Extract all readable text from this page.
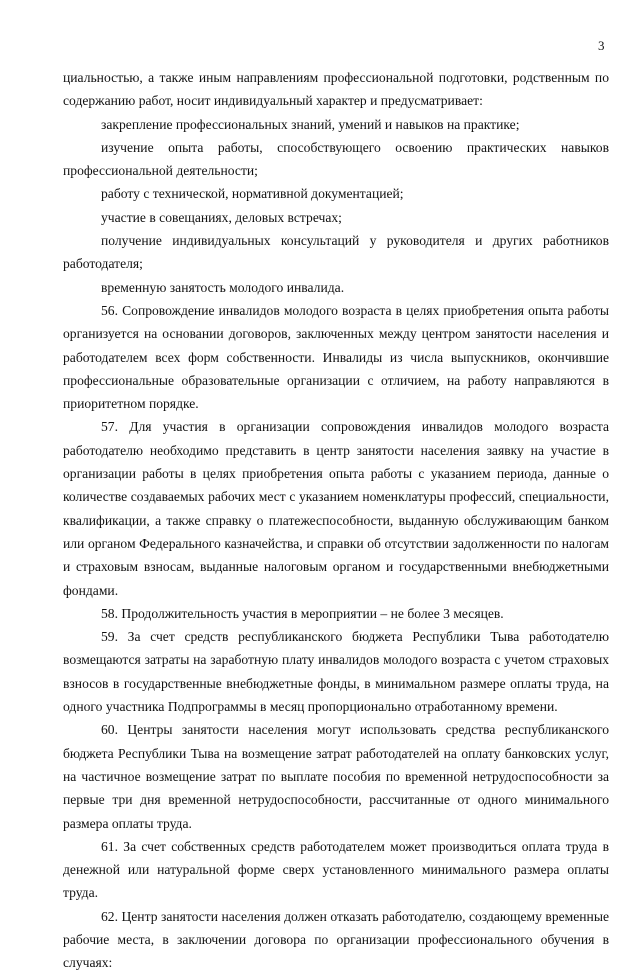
3

циальностью, а также иным направлениям профессиональной подготовки, родственным по содержанию работ, носит индивидуальный характер и предусматривает:

закрепление профессиональных знаний, умений и навыков на практике;

изучение опыта работы, способствующего освоению практических навыков профессиональной деятельности;

работу с технической, нормативной документацией;

участие в совещаниях, деловых встречах;

получение индивидуальных консультаций у руководителя и других работников работодателя;

временную занятость молодого инвалида.

56. Сопровождение инвалидов молодого возраста в целях приобретения опыта работы организуется на основании договоров, заключенных между центром занятости населения и работодателем всех форм собственности. Инвалиды из числа выпускников, окончившие профессиональные образовательные организации с отличием, на работу направляются в приоритетном порядке.

57. Для участия в организации сопровождения инвалидов молодого возраста работодателю необходимо представить в центр занятости населения заявку на участие в организации работы в целях приобретения опыта работы с указанием периода, данные о количестве создаваемых рабочих мест с указанием номенклатуры профессий, специальности, квалификации, а также справку о платежеспособности, выданную обслуживающим банком или органом Федерального казначейства, и справки об отсутствии задолженности по налогам и страховым взносам, выданные налоговым органом и государственными внебюджетными фондами.

58. Продолжительность участия в мероприятии – не более 3 месяцев.

59. За счет средств республиканского бюджета Республики Тыва работодателю возмещаются затраты на заработную плату инвалидов молодого возраста с учетом страховых взносов в государственные внебюджетные фонды, в минимальном размере оплаты труда, на одного участника Подпрограммы в месяц пропорционально отработанному времени.

60. Центры занятости населения могут использовать средства республиканского бюджета Республики Тыва на возмещение затрат работодателей на оплату банковских услуг, на частичное возмещение затрат по выплате пособия по временной нетрудоспособности за первые три дня временной нетрудоспособности, рассчитанные от одного минимального размера оплаты труда.

61. За счет собственных средств работодателем может производиться оплата труда в денежной или натуральной форме сверх установленного минимального размера оплаты труда.

62. Центр занятости населения должен отказать работодателю, создающему временные рабочие места, в заключении договора по организации профессионального обучения в случаях:
